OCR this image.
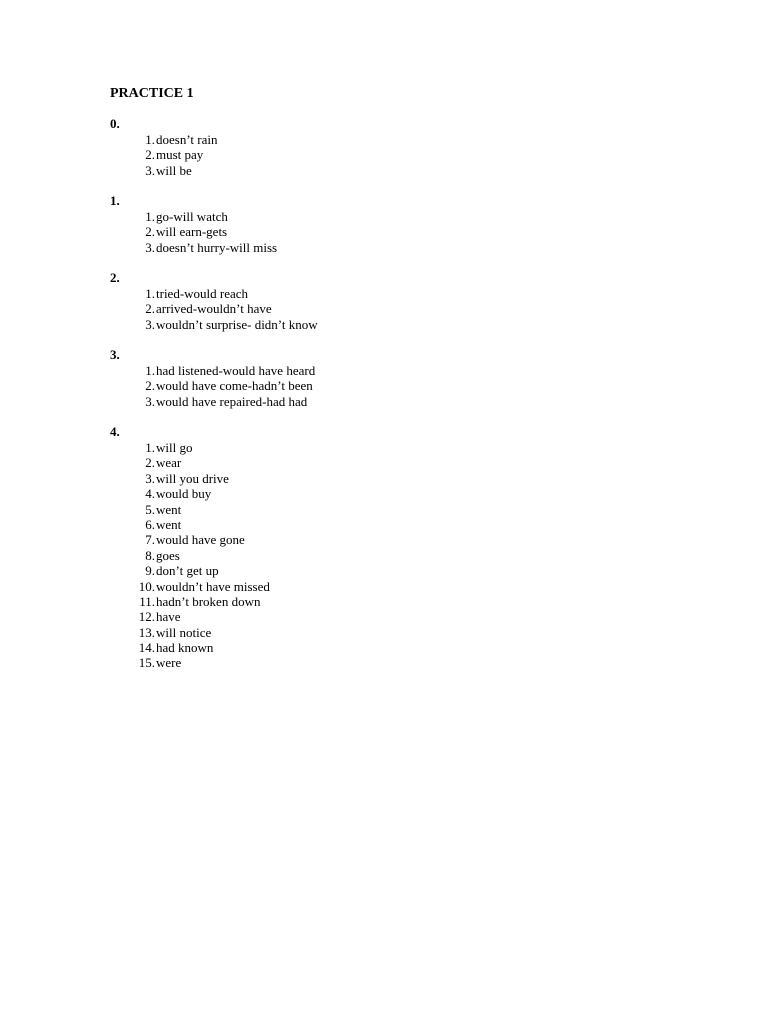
PRACTICE 1
0.
1. doesn’t rain
2. must pay
3. will be
1.
1. go-will watch
2. will earn-gets
3. doesn’t hurry-will miss
2.
1. tried-would reach
2. arrived-wouldn’t have
3. wouldn’t surprise- didn’t know
3.
1. had listened-would have heard
2. would have come-hadn’t been
3. would have repaired-had had
4.
1. will go
2. wear
3. will you drive
4. would buy
5. went
6. went
7. would have gone
8. goes
9. don’t get up
10. wouldn’t have missed
11. hadn’t broken down
12. have
13. will notice
14. had known
15. were
